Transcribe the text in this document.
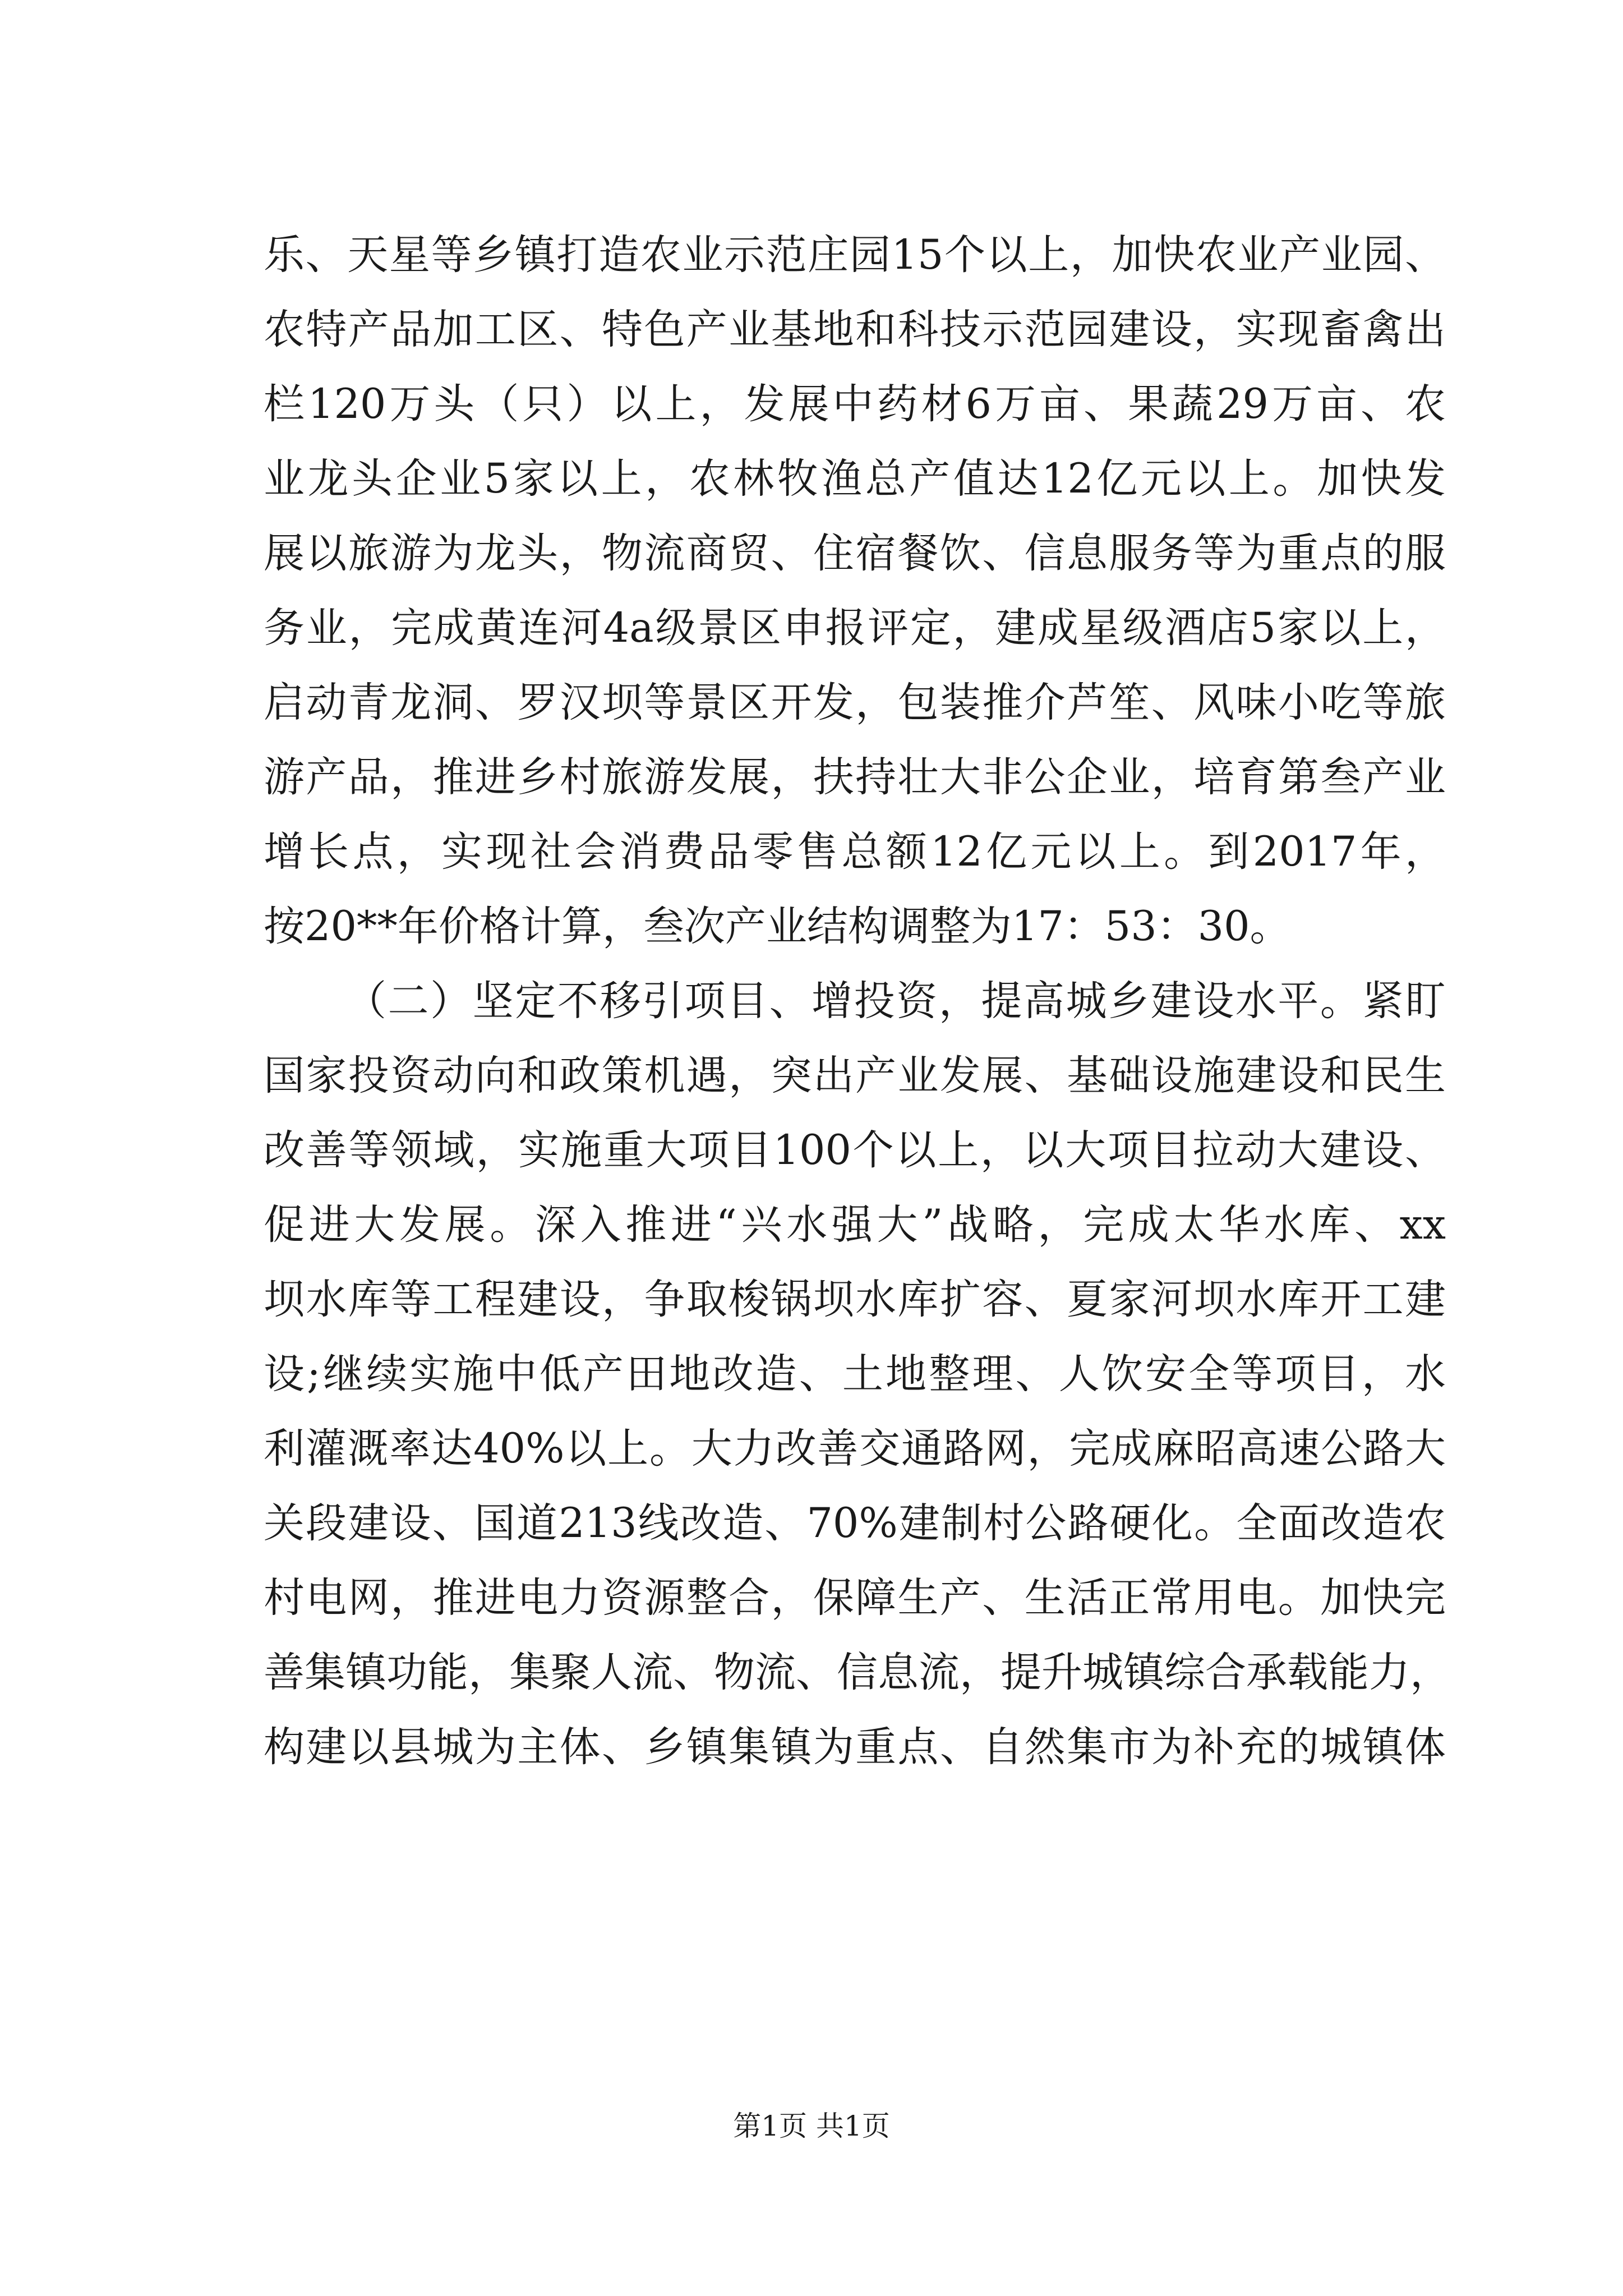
乐、天星等乡镇打造农业示范庄园15个以上，加快农业产业园、
农特产品加工区、特色产业基地和科技示范园建设，实现畜禽出
栏120万头（只）以上，发展中药材6万亩、果蔬29万亩、农
业龙头企业5家以上，农林牧渔总产值达12亿元以上。加快发
展以旅游为龙头，物流商贸、住宿餐饮、信息服务等为重点的服
务业，完成黄连河4a级景区申报评定，建成星级酒店5家以上，
启动青龙洞、罗汉坝等景区开发，包装推介芦笙、风味小吃等旅
游产品，推进乡村旅游发展，扶持壮大非公企业，培育第叁产业
增长点，实现社会消费品零售总额12亿元以上。到2017年，
按20**年价格计算，叁次产业结构调整为17：53：30。
（二）坚定不移引项目、增投资，提高城乡建设水平。紧盯
国家投资动向和政策机遇，突出产业发展、基础设施建设和民生
改善等领域，实施重大项目100个以上，以大项目拉动大建设、
促进大发展。深入推进“兴水强大”战略，完成太华水库、xx
坝水库等工程建设，争取梭锅坝水库扩容、夏家河坝水库开工建
设;继续实施中低产田地改造、土地整理、人饮安全等项目，水
利灌溉率达40%以上。大力改善交通路网，完成麻昭高速公路大
关段建设、国道213线改造、70%建制村公路硬化。全面改造农
村电网，推进电力资源整合，保障生产、生活正常用电。加快完
善集镇功能，集聚人流、物流、信息流，提升城镇综合承载能力，
构建以县城为主体、乡镇集镇为重点、自然集市为补充的城镇体
第1页 共1页
